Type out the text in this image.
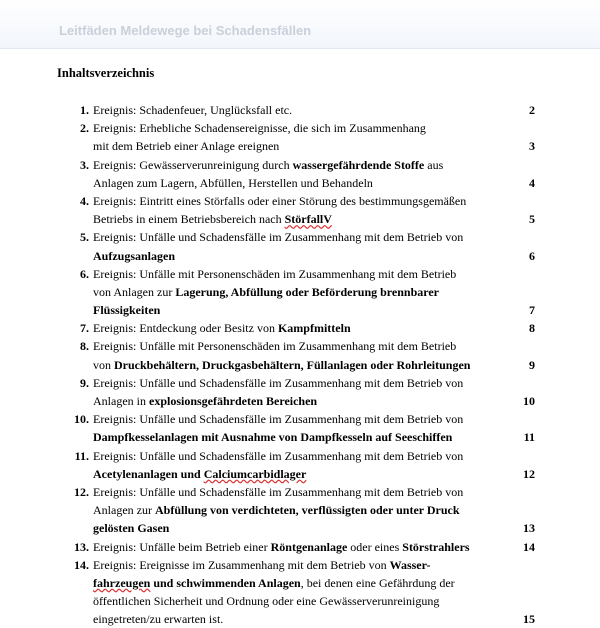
Leitfäden Meldewege bei Schadensfällen
Inhaltsverzeichnis
1. Ereignis: Schadenfeuer, Unglücksfall etc.	2
2. Ereignis: Erhebliche Schadensereignisse, die sich im Zusammenhang
mit dem Betrieb einer Anlage ereignen	3
3. Ereignis: Gewässerverunreinigung durch wassergefährdende Stoffe aus
Anlagen zum Lagern, Abfüllen, Herstellen und Behandeln	4
4. Ereignis: Eintritt eines Störfalls oder einer Störung des bestimmungsgemäßen
Betriebs in einem Betriebsbereich nach StörfallV	5
5. Ereignis: Unfälle und Schadensfälle im Zusammenhang mit dem Betrieb von
Aufzugsanlagen	6
6. Ereignis: Unfälle mit Personenschäden im Zusammenhang mit dem Betrieb
von Anlagen zur Lagerung, Abfüllung oder Beförderung brennbarer
Flüssigkeiten	7
7. Ereignis: Entdeckung oder Besitz von Kampfmitteln	8
8. Ereignis: Unfälle mit Personenschäden im Zusammenhang mit dem Betrieb
von Druckbehältern, Druckgasbehältern, Füllanlagen oder Rohrleitungen	9
9. Ereignis: Unfälle und Schadensfälle im Zusammenhang mit dem Betrieb von
Anlagen in explosionsgefährdeten Bereichen	10
10. Ereignis: Unfälle und Schadensfälle im Zusammenhang mit dem Betrieb von
Dampfkesselanlagen mit Ausnahme von Dampfkesseln auf Seeschiffen	11
11. Ereignis: Unfälle und Schadensfälle im Zusammenhang mit dem Betrieb von
Acetylenanlagen und Calciumcarbidlager	12
12. Ereignis: Unfälle und Schadensfälle im Zusammenhang mit dem Betrieb von
Anlagen zur Abfüllung von verdichteten, verflüssigten oder unter Druck
gelösten Gasen	13
13. Ereignis: Unfälle beim Betrieb einer Röntgenanlage oder eines Störstrahlers	14
14. Ereignis: Ereignisse im Zusammenhang mit dem Betrieb von Wasser-
fahrzeugen und schwimmenden Anlagen, bei denen eine Gefährdung der
öffentlichen Sicherheit und Ordnung oder eine Gewässerverunreinigung
eingetreten/zu erwarten ist.	15
